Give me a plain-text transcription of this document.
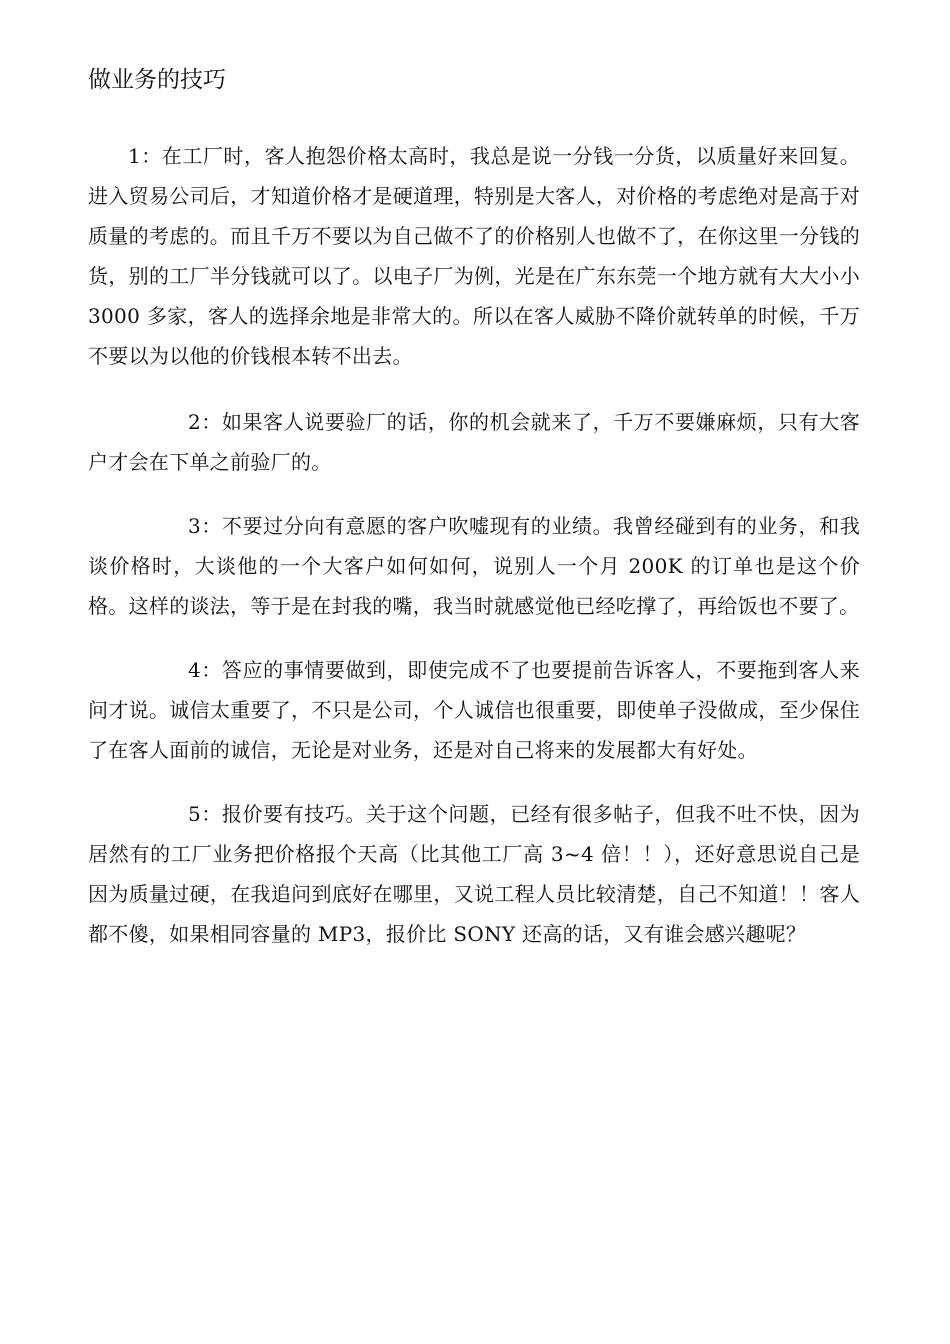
做业务的技巧

1：在工厂时，客人抱怨价格太高时，我总是说一分钱一分货，以质量好来回复。进入贸易公司后，才知道价格才是硬道理，特别是大客人，对价格的考虑绝对是高于对质量的考虑的。而且千万不要以为自己做不了的价格别人也做不了，在你这里一分钱的货，别的工厂半分钱就可以了。以电子厂为例，光是在广东东莞一个地方就有大大小小 3000 多家，客人的选择余地是非常大的。所以在客人威胁不降价就转单的时候，千万不要以为以他的价钱根本转不出去。

2：如果客人说要验厂的话，你的机会就来了，千万不要嫌麻烦，只有大客户才会在下单之前验厂的。

3：不要过分向有意愿的客户吹嘘现有的业绩。我曾经碰到有的业务，和我谈价格时，大谈他的一个大客户如何如何，说别人一个月 200K 的订单也是这个价格。这样的谈法，等于是在封我的嘴，我当时就感觉他已经吃撑了，再给饭也不要了。

4：答应的事情要做到，即使完成不了也要提前告诉客人，不要拖到客人来问才说。诚信太重要了，不只是公司，个人诚信也很重要，即使单子没做成，至少保住了在客人面前的诚信，无论是对业务，还是对自己将来的发展都大有好处。

5：报价要有技巧。关于这个问题，已经有很多帖子，但我不吐不快，因为居然有的工厂业务把价格报个天高（比其他工厂高 3~4 倍！！），还好意思说自己是因为质量过硬，在我追问到底好在哪里，又说工程人员比较清楚，自己不知道！！客人都不傻，如果相同容量的 MP3，报价比 SONY 还高的话，又有谁会感兴趣呢？
